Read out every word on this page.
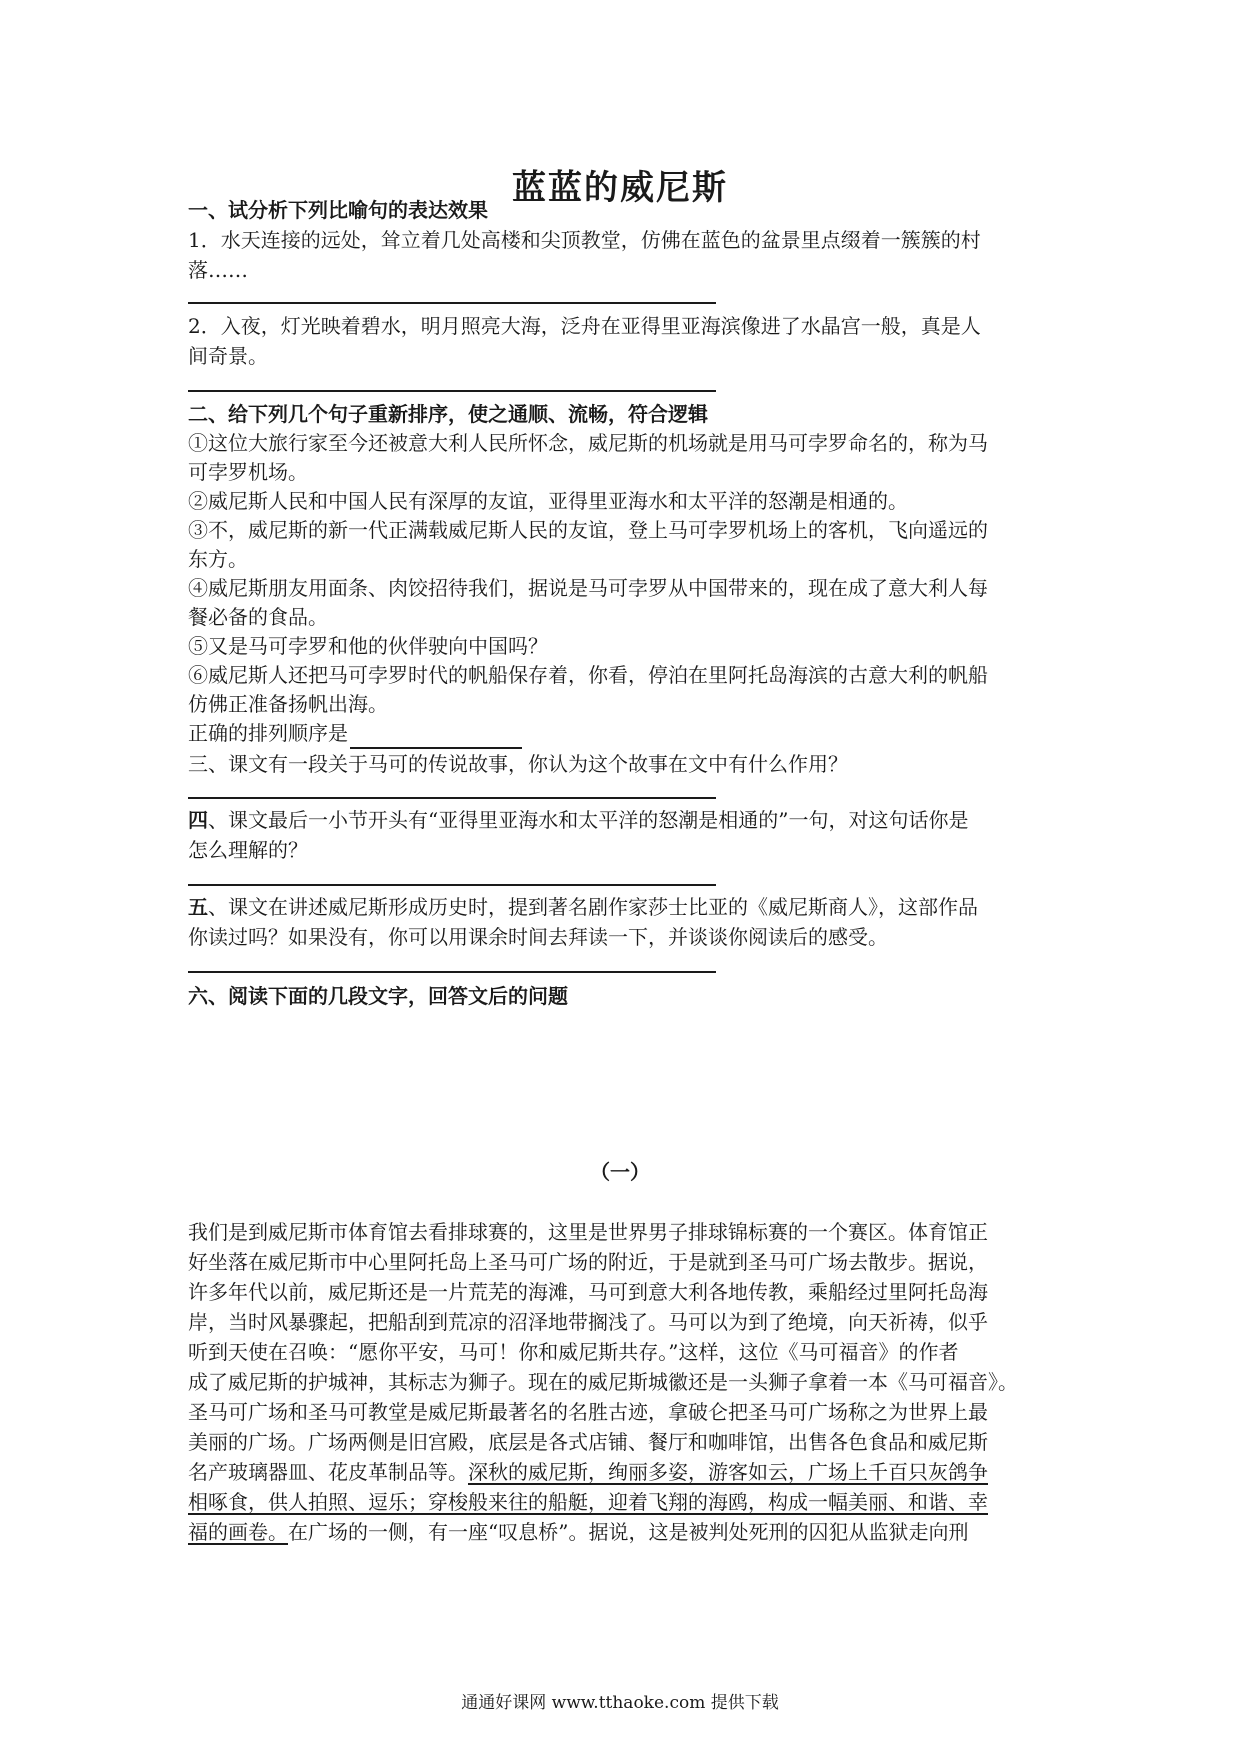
蓝蓝的威尼斯
一、试分析下列比喻句的表达效果
1．水天连接的远处，耸立着几处高楼和尖顶教堂，仿佛在蓝色的盆景里点缀着一簇簇的村
落……
2．入夜，灯光映着碧水，明月照亮大海，泛舟在亚得里亚海滨像进了水晶宫一般，真是人
间奇景。
二、给下列几个句子重新排序，使之通顺、流畅，符合逻辑
①这位大旅行家至今还被意大利人民所怀念，威尼斯的机场就是用马可孛罗命名的，称为马
可孛罗机场。
②威尼斯人民和中国人民有深厚的友谊，亚得里亚海水和太平洋的怒潮是相通的。
③不，威尼斯的新一代正满载威尼斯人民的友谊，登上马可孛罗机场上的客机，飞向遥远的
东方。
④威尼斯朋友用面条、肉饺招待我们，据说是马可孛罗从中国带来的，现在成了意大利人每
餐必备的食品。
⑤又是马可孛罗和他的伙伴驶向中国吗？
⑥威尼斯人还把马可孛罗时代的帆船保存着，你看，停泊在里阿托岛海滨的古意大利的帆船
仿佛正准备扬帆出海。
正确的排列顺序是
三、课文有一段关于马可的传说故事，你认为这个故事在文中有什么作用？
四、课文最后一小节开头有“亚得里亚海水和太平洋的怒潮是相通的”一句，对这句话你是
怎么理解的？
五、课文在讲述威尼斯形成历史时，提到著名剧作家莎士比亚的《威尼斯商人》，这部作品
你读过吗？如果没有，你可以用课余时间去拜读一下，并谈谈你阅读后的感受。
六、阅读下面的几段文字，回答文后的问题
（一）
我们是到威尼斯市体育馆去看排球赛的，这里是世界男子排球锦标赛的一个赛区。体育馆正
好坐落在威尼斯市中心里阿托岛上圣马可广场的附近，于是就到圣马可广场去散步。据说，
许多年代以前，威尼斯还是一片荒芜的海滩，马可到意大利各地传教，乘船经过里阿托岛海
岸，当时风暴骤起，把船刮到荒凉的沼泽地带搁浅了。马可以为到了绝境，向天祈祷，似乎
听到天使在召唤：“愿你平安，马可！你和威尼斯共存。”这样，这位《马可福音》的作者
成了威尼斯的护城神，其标志为狮子。现在的威尼斯城徽还是一头狮子拿着一本《马可福音》。
圣马可广场和圣马可教堂是威尼斯最著名的名胜古迹，拿破仑把圣马可广场称之为世界上最
美丽的广场。广场两侧是旧宫殿，底层是各式店铺、餐厅和咖啡馆，出售各色食品和威尼斯
名产玻璃器皿、花皮革制品等。深秋的威尼斯，绚丽多姿，游客如云，广场上千百只灰鸽争
相啄食，供人拍照、逗乐；穿梭般来往的船艇，迎着飞翔的海鸥，构成一幅美丽、和谐、幸
福的画卷。在广场的一侧，有一座“叹息桥”。据说，这是被判处死刑的囚犯从监狱走向刑
通通好课网 www.tthaoke.com 提供下载
